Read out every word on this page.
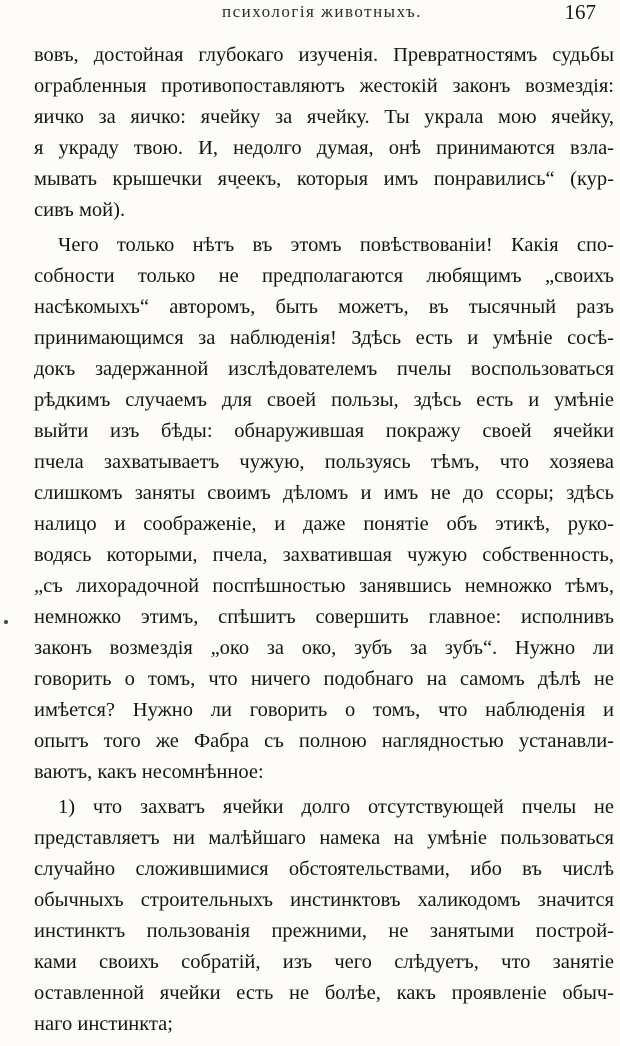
психологія животныхъ.	167
вовъ, достойная глубокаго изученія. Превратностямъ судьбы
ограбленныя противопоставляютъ жестокій законъ возмездія:
яичко за яичко: ячейку за ячейку. Ты украла мою ячейку,
я украду твою. И, недолго думая, онѣ принимаются взла-
мывать крышечки ячеекъ, которыя имъ понравились“ (кур-
сивъ мой).
Чего только нѣтъ въ этомъ повѣствованіи! Какія спо-
собности только не предполагаются любящимъ „своихъ
насѣкомыхъ“ авторомъ, быть можетъ, въ тысячный разъ
принимающимся за наблюденія! Здѣсь есть и умѣніе сосѣ-
докъ задержанной изслѣдователемъ пчелы воспользоваться
рѣдкимъ случаемъ для своей пользы, здѣсь есть и умѣніе
выйти изъ бѣды: обнаружившая покражу своей ячейки
пчела захватываетъ чужую, пользуясь тѣмъ, что хозяева
слишкомъ заняты своимъ дѣломъ и имъ не до ссоры; здѣсь
налицо и соображеніе, и даже понятіе объ этикѣ, руко-
водясь которыми, пчела, захватившая чужую собственность,
„съ лихорадочной поспѣшностью занявшись немножко тѣмъ,
немножко этимъ, спѣшитъ совершить главное: исполнивъ
законъ возмездія „око за око, зубъ за зубъ“. Нужно ли
говорить о томъ, что ничего подобнаго на самомъ дѣлѣ не
имѣется? Нужно ли говорить о томъ, что наблюденія и
опытъ того же Фабра съ полною наглядностью устанавли-
ваютъ, какъ несомнѣнное:
1) что захватъ ячейки долго отсутствующей пчелы не
представляетъ ни малѣйшаго намека на умѣніе пользоваться
случайно сложившимися обстоятельствами, ибо въ числѣ
обычныхъ строительныхъ инстинктовъ халикодомъ значится
инстинктъ пользованія прежними, не занятыми построй-
ками своихъ собратій, изъ чего слѣдуетъ, что занятіе
оставленной ячейки есть не болѣе, какъ проявленіе обыч-
наго инстинкта;
